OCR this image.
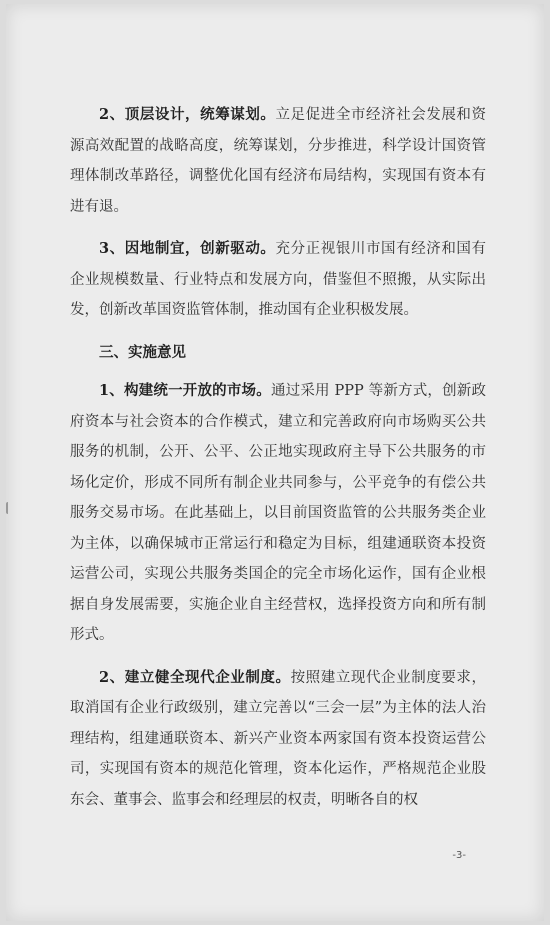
2、顶层设计，统筹谋划。立足促进全市经济社会发展和资源高效配置的战略高度，统筹谋划，分步推进，科学设计国资管理体制改革路径，调整优化国有经济布局结构，实现国有资本有进有退。

3、因地制宜，创新驱动。充分正视银川市国有经济和国有企业规模数量、行业特点和发展方向，借鉴但不照搬，从实际出发，创新改革国资监管体制，推动国有企业积极发展。

三、实施意见

1、构建统一开放的市场。通过采用 PPP 等新方式，创新政府资本与社会资本的合作模式，建立和完善政府向市场购买公共服务的机制，公开、公平、公正地实现政府主导下公共服务的市场化定价，形成不同所有制企业共同参与，公平竞争的有偿公共服务交易市场。在此基础上，以目前国资监管的公共服务类企业为主体，以确保城市正常运行和稳定为目标，组建通联资本投资运营公司，实现公共服务类国企的完全市场化运作，国有企业根据自身发展需要，实施企业自主经营权，选择投资方向和所有制形式。

2、建立健全现代企业制度。按照建立现代企业制度要求，取消国有企业行政级别，建立完善以“三会一层”为主体的法人治理结构，组建通联资本、新兴产业资本两家国有资本投资运营公司，实现国有资本的规范化管理，资本化运作，严格规范企业股东会、董事会、监事会和经理层的权责，明晰各自的权

-3-
